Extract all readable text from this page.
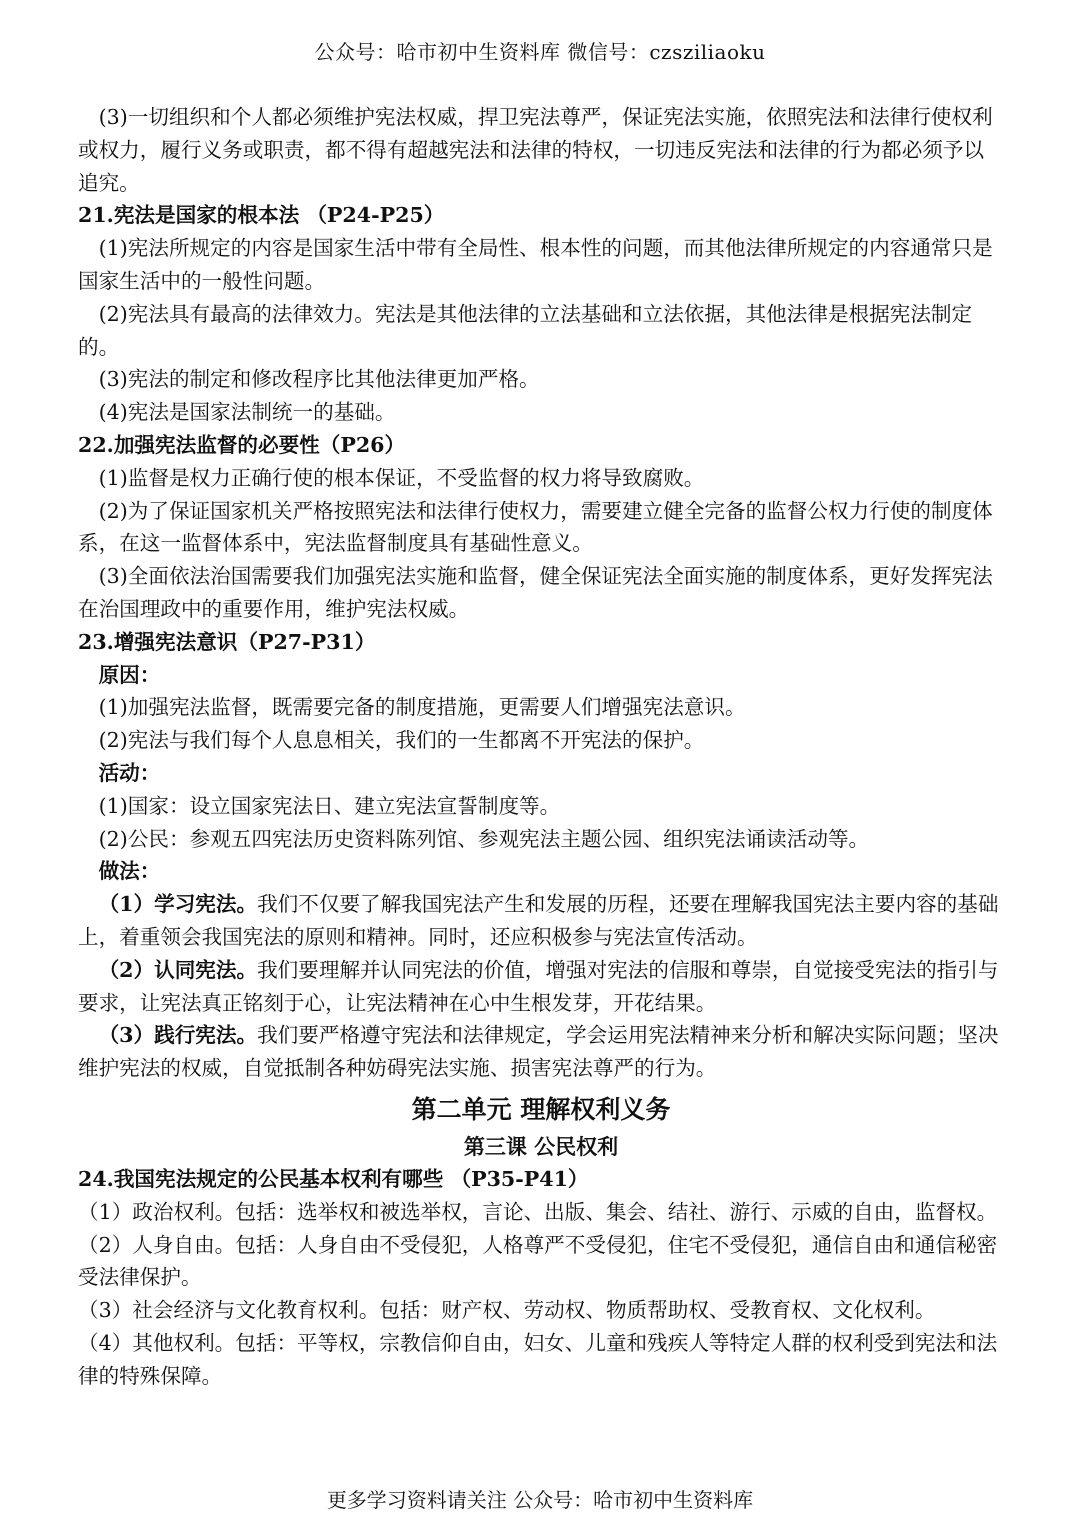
公众号：哈市初中生资料库 微信号：czsziliaoku

(3)一切组织和个人都必须维护宪法权威，捍卫宪法尊严，保证宪法实施，依照宪法和法律行使权利或权力，履行义务或职责，都不得有超越宪法和法律的特权，一切违反宪法和法律的行为都必须予以追究。

21.宪法是国家的根本法 （P24-P25）

(1)宪法所规定的内容是国家生活中带有全局性、根本性的问题，而其他法律所规定的内容通常只是国家生活中的一般性问题。

(2)宪法具有最高的法律效力。宪法是其他法律的立法基础和立法依据，其他法律是根据宪法制定的。

(3)宪法的制定和修改程序比其他法律更加严格。

(4)宪法是国家法制统一的基础。

22.加强宪法监督的必要性（P26）

(1)监督是权力正确行使的根本保证，不受监督的权力将导致腐败。

(2)为了保证国家机关严格按照宪法和法律行使权力，需要建立健全完备的监督公权力行使的制度体系，在这一监督体系中，宪法监督制度具有基础性意义。

(3)全面依法治国需要我们加强宪法实施和监督，健全保证宪法全面实施的制度体系，更好发挥宪法在治国理政中的重要作用，维护宪法权威。

23.增强宪法意识（P27-P31）

原因：

(1)加强宪法监督，既需要完备的制度措施，更需要人们增强宪法意识。

(2)宪法与我们每个人息息相关，我们的一生都离不开宪法的保护。

活动：

(1)国家：设立国家宪法日、建立宪法宣誓制度等。

(2)公民：参观五四宪法历史资料陈列馆、参观宪法主题公园、组织宪法诵读活动等。

做法：

（1）学习宪法。我们不仅要了解我国宪法产生和发展的历程，还要在理解我国宪法主要内容的基础上，着重领会我国宪法的原则和精神。同时，还应积极参与宪法宣传活动。

（2）认同宪法。我们要理解并认同宪法的价值，增强对宪法的信服和尊崇，自觉接受宪法的指引与要求，让宪法真正铭刻于心，让宪法精神在心中生根发芽，开花结果。

（3）践行宪法。我们要严格遵守宪法和法律规定，学会运用宪法精神来分析和解决实际问题；坚决维护宪法的权威，自觉抵制各种妨碍宪法实施、损害宪法尊严的行为。

第二单元 理解权利义务

第三课 公民权利

24.我国宪法规定的公民基本权利有哪些 （P35-P41）

（1）政治权利。包括：选举权和被选举权，言论、出版、集会、结社、游行、示威的自由，监督权。

（2）人身自由。包括：人身自由不受侵犯，人格尊严不受侵犯，住宅不受侵犯，通信自由和通信秘密受法律保护。

（3）社会经济与文化教育权利。包括：财产权、劳动权、物质帮助权、受教育权、文化权利。

（4）其他权利。包括：平等权，宗教信仰自由，妇女、儿童和残疾人等特定人群的权利受到宪法和法律的特殊保障。

更多学习资料请关注 公众号：哈市初中生资料库
